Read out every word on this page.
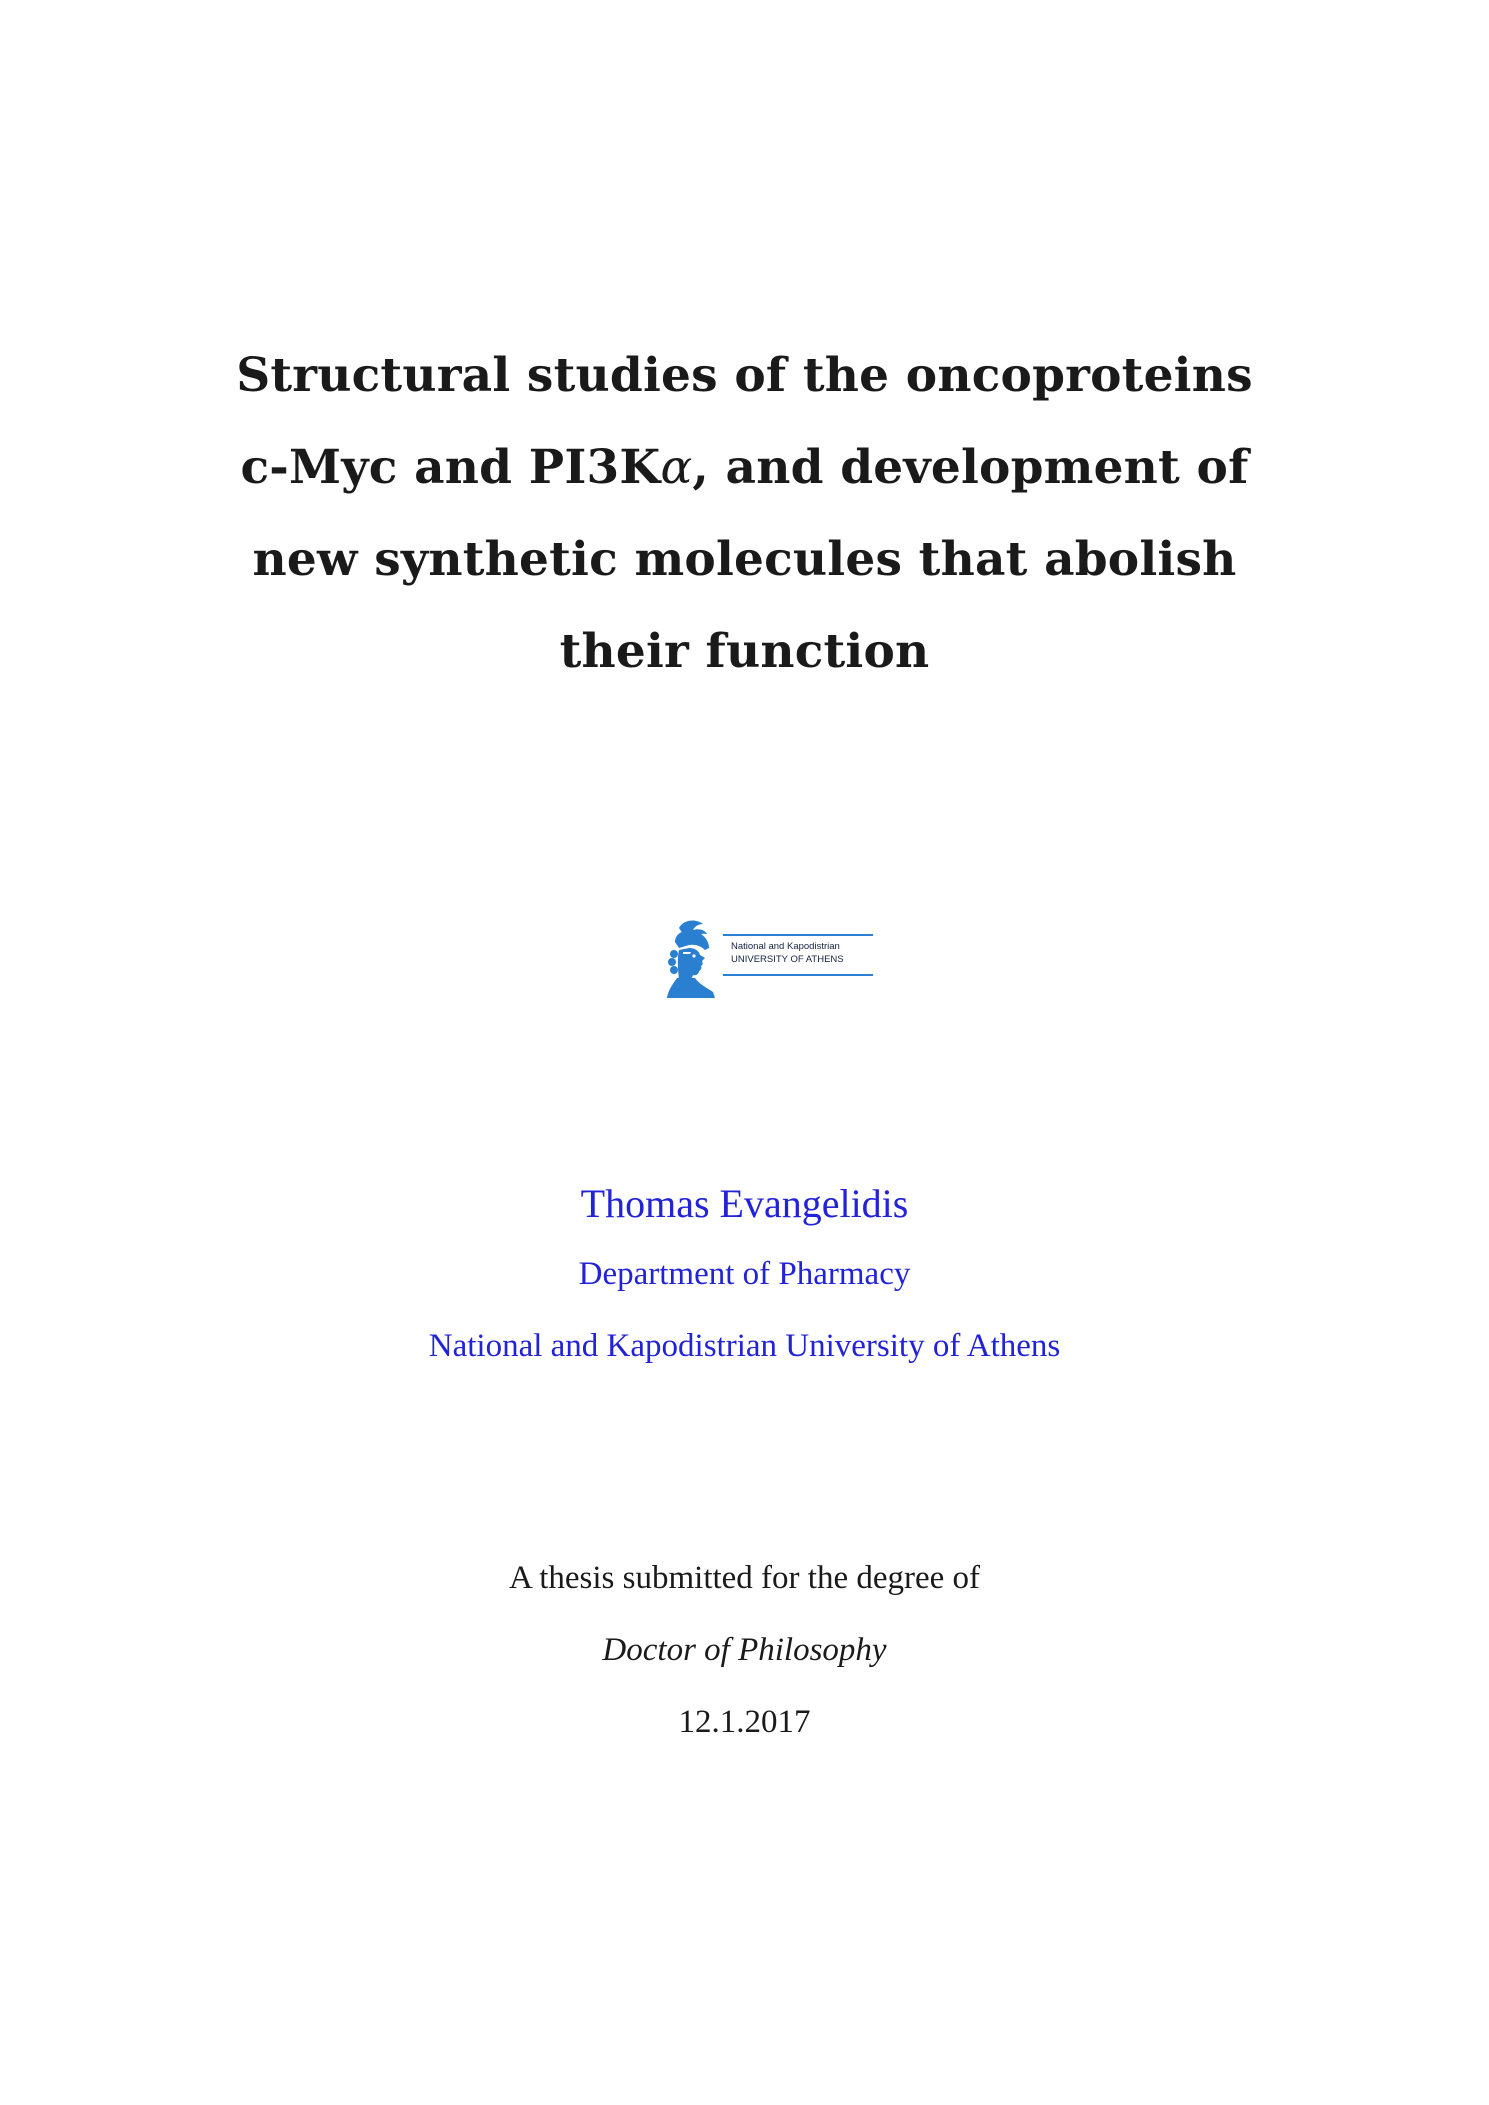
Structural studies of the oncoproteins
c-Myc and PI3Kα, and development of
new synthetic molecules that abolish
their function
National and Kapodistrian
UNIVERSITY OF ATHENS
Thomas Evangelidis
Department of Pharmacy
National and Kapodistrian University of Athens
A thesis submitted for the degree of
Doctor of Philosophy
12.1.2017
